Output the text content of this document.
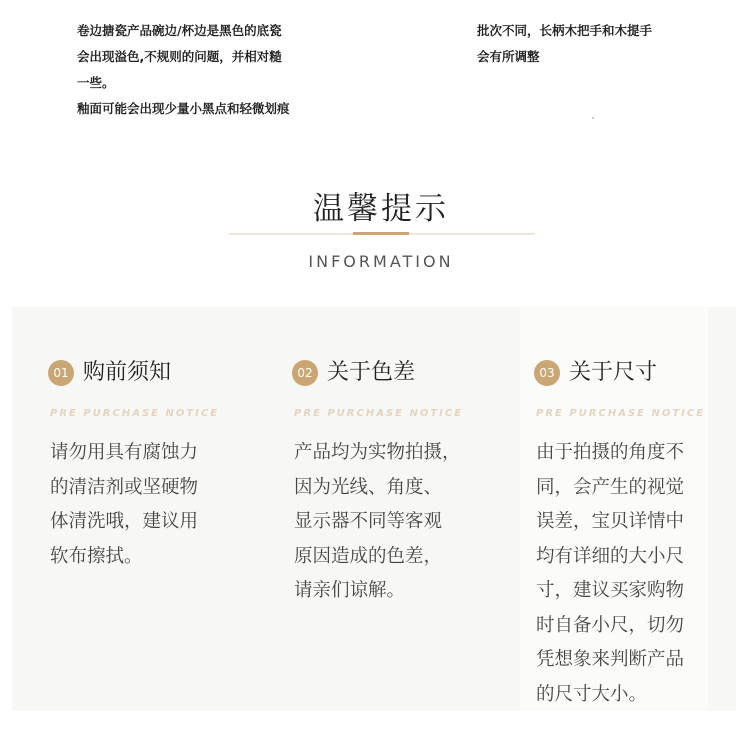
卷边搪瓷产品碗边/杯边是黑色的底瓷
会出现溢色,不规则的问题，并相对糙
一些。
釉面可能会出现少量小黑点和轻微划痕
批次不同，长柄木把手和木提手
会有所调整
温馨提示
INFORMATION
01 购前须知
PRE PURCHASE NOTICE
请勿用具有腐蚀力
的清洁剂或坚硬物
体清洗哦，建议用
软布擦拭。
02 关于色差
PRE PURCHASE NOTICE
产品均为实物拍摄，
因为光线、角度、
显示器不同等客观
原因造成的色差，
请亲们谅解。
03 关于尺寸
PRE PURCHASE NOTICE
由于拍摄的角度不
同，会产生的视觉
误差，宝贝详情中
均有详细的大小尺
寸，建议买家购物
时自备小尺，切勿
凭想象来判断产品
的尺寸大小。
